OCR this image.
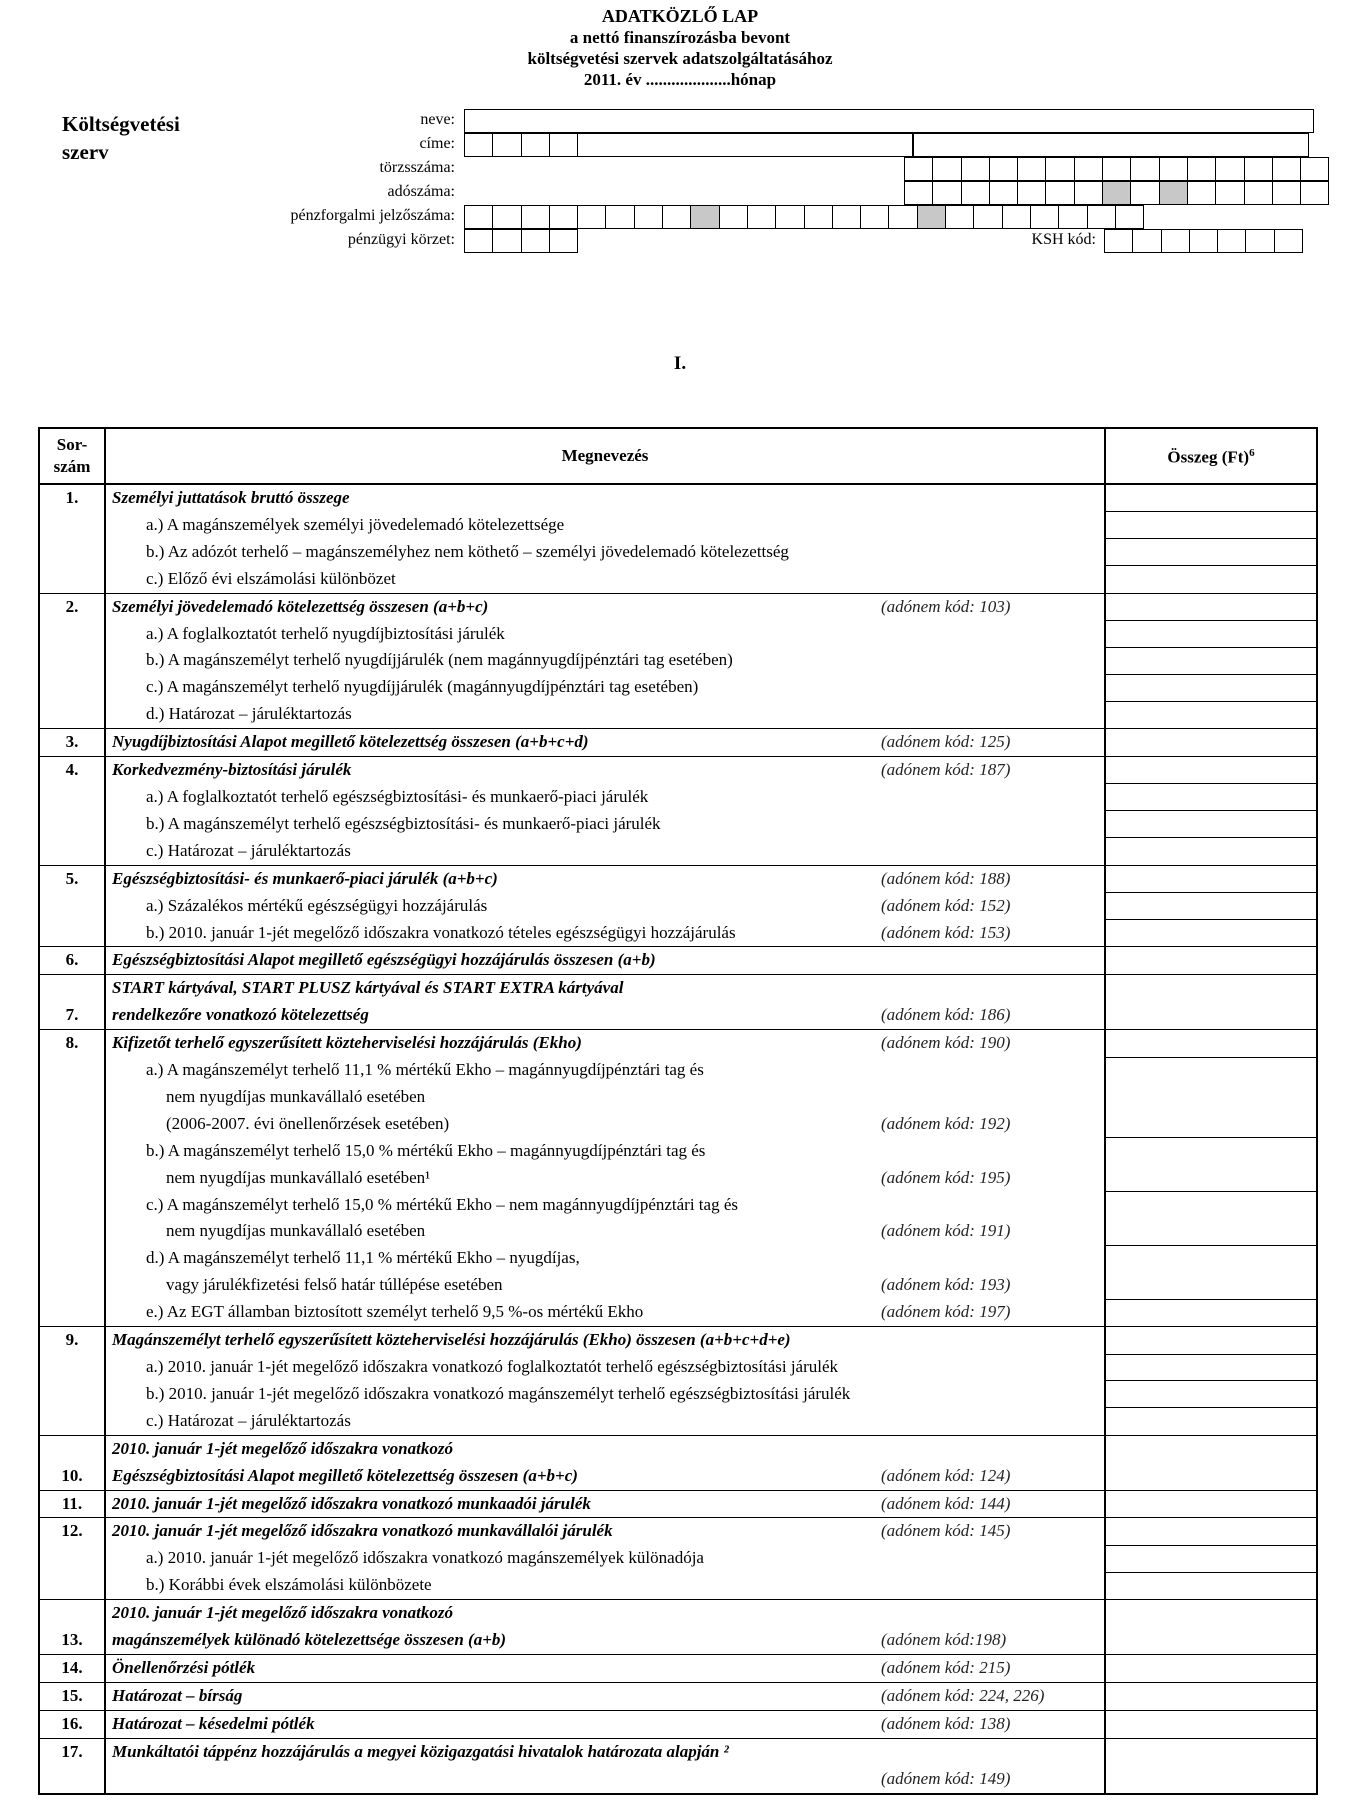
ADATKÖZLŐ LAP
a nettó finanszírozásba bevont
költségvetési szervek adatszolgáltatásához
2011. év ....................hónap
Költségvetési
szerv
neve:
címe:
törzsszáma:
adószáma:
pénzforgalmi jelzőszáma:
pénzügyi körzet:	KSH kód:
I.
Sor-
szám	Megnevezés	Összeg $(Ft)^6$
1.	Személyi juttatások bruttó összege	

	a.) A magánszemélyek személyi jövedelemadó kötelezettsége	

	b.) Az adózót terhelő – magánszemélyhez nem köthető – személyi jövedelemadó kötelezettség	

	c.) Előző évi elszámolási különbözet	

2.	Személyi jövedelemadó kötelezettség összesen (a+b+c) (adónem kód: 103)	

	a.) A foglalkoztatót terhelő nyugdíjbiztosítási járulék	

	b.) A magánszemélyt terhelő nyugdíjjárulék (nem magánnyugdíjpénztári tag esetében)	

	c.) A magánszemélyt terhelő nyugdíjjárulék (magánnyugdíjpénztári tag esetében)	

	d.) Határozat – járuléktartozás	

3.	Nyugdíjbiztosítási Alapot megillető kötelezettség összesen (a+b+c+d) (adónem kód: 125)	

4.	Korkedvezmény-biztosítási járulék (adónem kód: 187)	

	a.) A foglalkoztatót terhelő egészségbiztosítási- és munkaerő-piaci járulék	

	b.) A magánszemélyt terhelő egészségbiztosítási- és munkaerő-piaci járulék	

	c.) Határozat – járuléktartozás	

5.	Egészségbiztosítási- és munkaerő-piaci járulék (a+b+c) (adónem kód: 188)	

	a.) Százalékos mértékű egészségügyi hozzájárulás (adónem kód: 152)	

	b.) 2010. január 1-jét megelőző időszakra vonatkozó tételes egészségügyi hozzájárulás (adónem kód: 153)	

6.	Egészségbiztosítási Alapot megillető egészségügyi hozzájárulás összesen (a+b)	

7.	START kártyával, START PLUSZ kártyával és START EXTRA kártyával
rendelkezőre vonatkozó kötelezettség (adónem kód: 186)	

8.	Kifizetőt terhelő egyszerűsített közteherviselési hozzájárulás (Ekho) (adónem kód: 190)	

	a.) A magánszemélyt terhelő 11,1 % mértékű Ekho – magánnyugdíjpénztári tag és
nem nyugdíjas munkavállaló esetében
(2006-2007. évi önellenőrzések esetében) (adónem kód: 192)	

	b.) A magánszemélyt terhelő 15,0 % mértékű Ekho – magánnyugdíjpénztári tag és
nem nyugdíjas munkavállaló esetében¹ (adónem kód: 195)	

	c.) A magánszemélyt terhelő 15,0 % mértékű Ekho – nem magánnyugdíjpénztári tag és
nem nyugdíjas munkavállaló esetében (adónem kód: 191)	

	d.) A magánszemélyt terhelő 11,1 % mértékű Ekho – nyugdíjas,
vagy járulékfizetési felső határ túllépése esetében (adónem kód: 193)	

	e.) Az EGT államban biztosított személyt terhelő 9,5 %-os mértékű Ekho (adónem kód: 197)	

9.	Magánszemélyt terhelő egyszerűsített közteherviselési hozzájárulás (Ekho) összesen (a+b+c+d+e)	

	a.) 2010. január 1-jét megelőző időszakra vonatkozó foglalkoztatót terhelő egészségbiztosítási járulék	

	b.) 2010. január 1-jét megelőző időszakra vonatkozó magánszemélyt terhelő egészségbiztosítási járulék	

	c.) Határozat – járuléktartozás	

10.	2010. január 1-jét megelőző időszakra vonatkozó
Egészségbiztosítási Alapot megillető kötelezettség összesen (a+b+c) (adónem kód: 124)	

11.	2010. január 1-jét megelőző időszakra vonatkozó munkaadói járulék (adónem kód: 144)	

12.	2010. január 1-jét megelőző időszakra vonatkozó munkavállalói járulék (adónem kód: 145)	

	a.) 2010. január 1-jét megelőző időszakra vonatkozó magánszemélyek különadója	

	b.) Korábbi évek elszámolási különbözete	

13.	2010. január 1-jét megelőző időszakra vonatkozó
magánszemélyek különadó kötelezettsége összesen (a+b) (adónem kód:198)	

14.	Önellenőrzési pótlék (adónem kód: 215)	

15.	Határozat – bírság (adónem kód: 224, 226)	

16.	Határozat – késedelmi pótlék (adónem kód: 138)	

17.	Munkáltatói táppénz hozzájárulás a megyei közigazgatási hivatalok határozata alapján ²

(adónem kód: 149)	
